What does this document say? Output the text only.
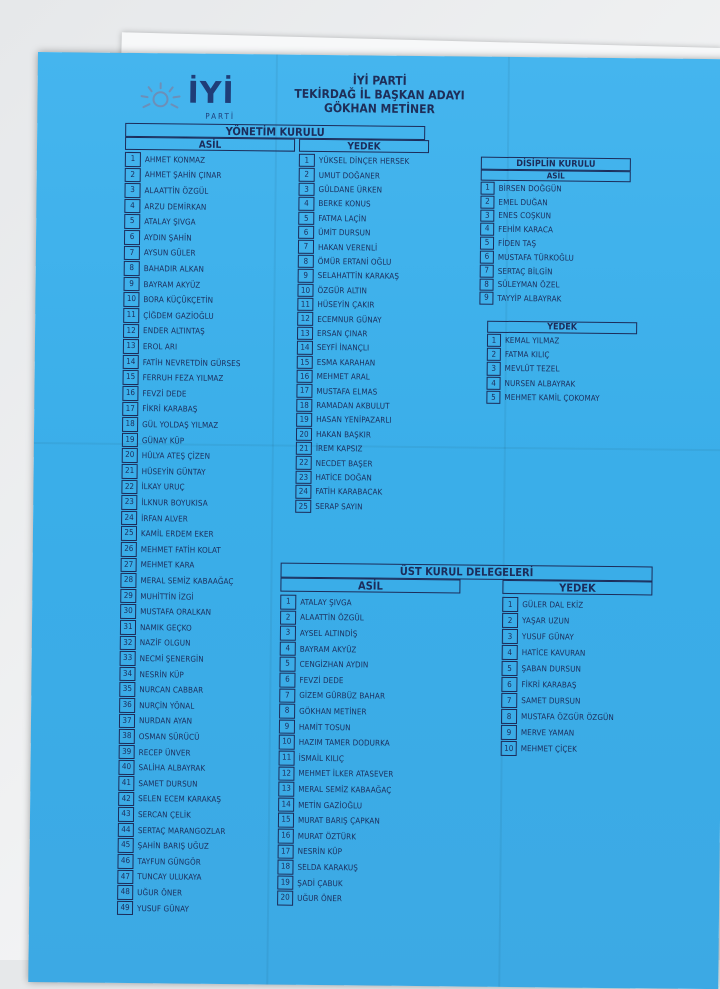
İYİ
PARTİ
İYİ PARTİ
TEKİRDAĞ İL BAŞKAN ADAYI
GÖKHAN METİNER
YÖNETİM KURULU
ASİL	YEDEK
1	AHMET KONMAZ
2	AHMET ŞAHİN ÇINAR
3	ALAATTİN ÖZGÜL
4	ARZU DEMİRKAN
5	ATALAY ŞIVGA
6	AYDIN ŞAHİN
7	AYSUN GÜLER
8	BAHADIR ALKAN
9	BAYRAM AKYÜZ
10 BORA KÜÇÜKÇETİN
11 ÇİĞDEM GAZİOĞLU
12 ENDER ALTINTAŞ
13 EROL ARI
14 FATİH NEVRETDİN GÜRSES
15 FERRUH FEZA YILMAZ
16 FEVZİ DEDE
17 FİKRİ KARABAŞ
18 GÜL YOLDAŞ YILMAZ
19 GÜNAY KÜP
20 HÜLYA ATEŞ ÇİZEN
21 HÜSEYİN GÜNTAY
22 İLKAY URUÇ
23 İLKNUR BOYUKISA
24 İRFAN ALVER
25 KAMİL ERDEM EKER
26 MEHMET FATİH KOLAT
27 MEHMET KARA
28 MERAL SEMİZ KABAAĞAÇ
29 MUHİTTİN İZGİ
30 MUSTAFA ORALKAN
31 NAMIK GEÇKO
32 NAZİF OLGUN
33 NECMİ ŞENERGİN
34 NESRİN KÜP
35 NURCAN CABBAR
36 NURÇİN YÖNAL
37 NURDAN AYAN
38 OSMAN SÜRÜCÜ
39 RECEP ÜNVER
40 SALİHA ALBAYRAK
41 SAMET DURSUN
42 SELEN ECEM KARAKAŞ
43 SERCAN ÇELİK
44 SERTAÇ MARANGOZLAR
45 ŞAHİN BARIŞ UĞUZ
46 TAYFUN GÜNGÖR
47 TUNCAY ULUKAYA
48 UĞUR ÖNER
49 YUSUF GÜNAY
1	YÜKSEL DİNÇER HERSEK
2	UMUT DOĞANER
3	GÜLDANE ÜRKEN
4	BERKE KONUS
5	FATMA LAÇİN
6	ÜMİT DURSUN
7	HAKAN VERENLİ
8	ÖMÜR ERTANİ OĞLU
9	SELAHATTİN KARAKAŞ
10 ÖZGÜR ALTIN
11 HÜSEYİN ÇAKIR
12 ECEMNUR GÜNAY
13 ERSAN ÇINAR
14 SEYFİ İNANÇLI
15 ESMA KARAHAN
16 MEHMET ARAL
17 MUSTAFA ELMAS
18 RAMADAN AKBULUT
19 HASAN YENİPAZARLI
20 HAKAN BAŞKIR
21 İREM KAPSIZ
22 NECDET BAŞER
23 HATİCE DOĞAN
24 FATİH KARABACAK
25 SERAP SAYIN
DİSİPLİN KURULU
ASİL
1	BİRSEN DOĞGÜN
2	EMEL DUĞAN
3	ENES COŞKUN
4	FEHİM KARACA
5	FİDEN TAŞ
6	MUSTAFA TÜRKOĞLU
7	SERTAÇ BİLGİN
8	SÜLEYMAN ÖZEL
9	TAYYİP ALBAYRAK
YEDEK
1	KEMAL YILMAZ
2	FATMA KILIÇ
3	MEVLÜT TEZEL
4	NURSEN ALBAYRAK
5	MEHMET KAMİL ÇOKOMAY
ÜST KURUL DELEGELERİ
ASİL	YEDEK
1	ATALAY ŞIVGA
2	ALAATTİN ÖZGÜL
3	AYSEL ALTINDİŞ
4	BAYRAM AKYÜZ
5	CENGİZHAN AYDIN
6	FEVZİ DEDE
7	GİZEM GÜRBÜZ BAHAR
8	GÖKHAN METİNER
9	HAMİT TOSUN
10 HAZIM TAMER DODURKA
11 İSMAİL KILIÇ
12 MEHMET İLKER ATASEVER
13 MERAL SEMİZ KABAAĞAÇ
14 METİN GAZİOĞLU
15 MURAT BARIŞ ÇAPKAN
16 MURAT ÖZTÜRK
17 NESRİN KÜP
18 SELDA KARAKUŞ
19 ŞADİ ÇABUK
20 UĞUR ÖNER
1	GÜLER DAL EKİZ
2	YAŞAR UZUN
3	YUSUF GÜNAY
4	HATİCE KAVURAN
5	ŞABAN DURSUN
6	FİKRİ KARABAŞ
7	SAMET DURSUN
8	MUSTAFA ÖZGÜR ÖZGÜN
9	MERVE YAMAN
10 MEHMET ÇİÇEK
